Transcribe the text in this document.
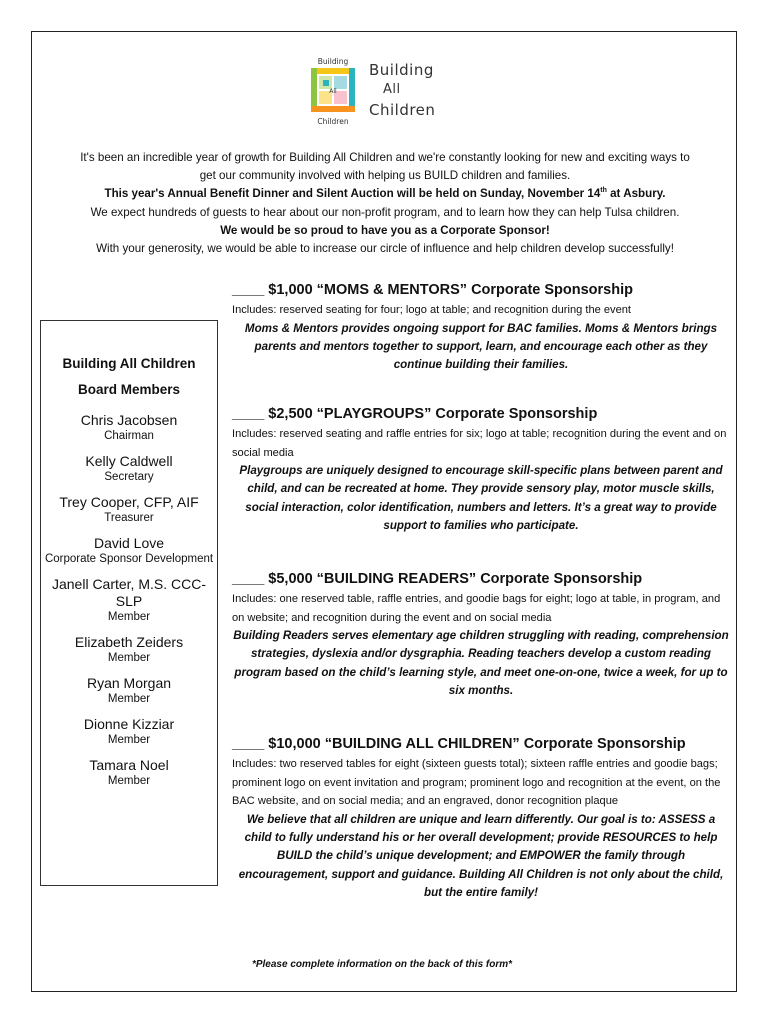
Building
All
Children
Building
All
Children

It's been an incredible year of growth for Building All Children and we're constantly looking for new and exciting ways to

get our community involved with helping us BUILD children and families.

This year's Annual Benefit Dinner and Silent Auction will be held on Sunday, November 14th at Asbury.

We expect hundreds of guests to hear about our non-profit program, and to learn how they can help Tulsa children.

We would be so proud to have you as a Corporate Sponsor!

With your generosity, we would be able to increase our circle of influence and help children develop successfully!

Building All Children
Board Members
Chris Jacobsen
Chairman
Kelly Caldwell
Secretary
Trey Cooper, CFP, AIF
Treasurer
David Love
Corporate Sponsor Development
Janell Carter, M.S. CCC-SLP
Member
Elizabeth Zeiders
Member
Ryan Morgan
Member
Dionne Kizziar
Member
Tamara Noel
Member

____ $1,000 “MOMS & MENTORS” Corporate Sponsorship

Includes: reserved seating for four; logo at table; and recognition during the event

Moms & Mentors provides ongoing support for BAC families. Moms & Mentors brings parents and mentors together to support, learn, and encourage each other as they continue building their families.

____ $2,500 “PLAYGROUPS” Corporate Sponsorship

Includes: reserved seating and raffle entries for six; logo at table; recognition during the event and on social media

Playgroups are uniquely designed to encourage skill-specific plans between parent and child, and can be recreated at home. They provide sensory play, motor muscle skills, social interaction, color identification, numbers and letters. It’s a great way to provide support to families who participate.

____ $5,000 “BUILDING READERS” Corporate Sponsorship

Includes: one reserved table, raffle entries, and goodie bags for eight; logo at table, in program, and on website; and recognition during the event and on social media

Building Readers serves elementary age children struggling with reading, comprehension strategies, dyslexia and/or dysgraphia. Reading teachers develop a custom reading program based on the child’s learning style, and meet one-on-one, twice a week, for up to six months.

____ $10,000 “BUILDING ALL CHILDREN” Corporate Sponsorship

Includes: two reserved tables for eight (sixteen guests total); sixteen raffle entries and goodie bags; prominent logo on event invitation and program; prominent logo and recognition at the event, on the BAC website, and on social media; and an engraved, donor recognition plaque

We believe that all children are unique and learn differently. Our goal is to: ASSESS a child to fully understand his or her overall development; provide RESOURCES to help BUILD the child’s unique development; and EMPOWER the family through encouragement, support and guidance. Building All Children is not only about the child, but the entire family!

*Please complete information on the back of this form*
